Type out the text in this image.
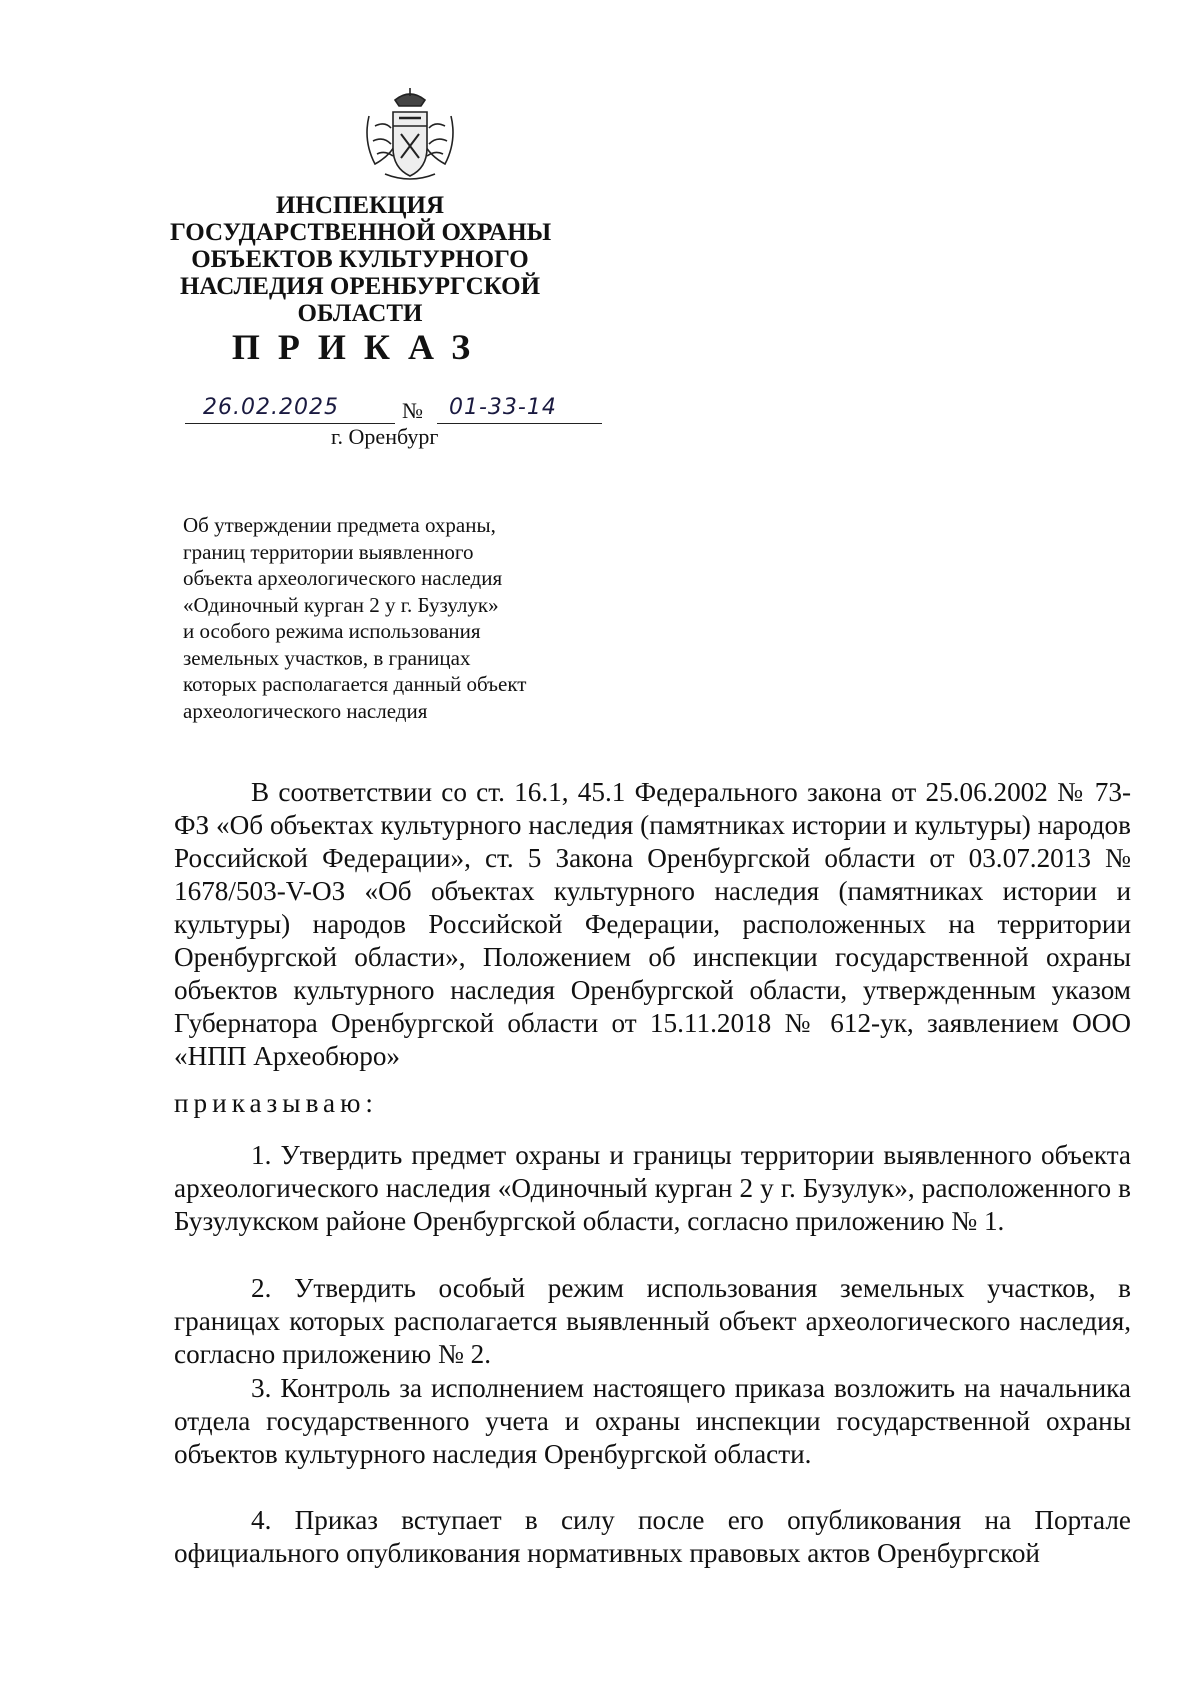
ИНСПЕКЦИЯ
ГОСУДАРСТВЕННОЙ ОХРАНЫ
ОБЪЕКТОВ КУЛЬТУРНОГО
НАСЛЕДИЯ ОРЕНБУРГСКОЙ
ОБЛАСТИ
ПРИКАЗ
26.02.2025	№ 01-33-14
г. Оренбург
Об утверждении предмета охраны,
границ территории выявленного
объекта археологического наследия
«Одиночный курган 2 у г. Бузулук»
и особого режима использования
земельных участков, в границах
которых располагается данный объект
археологического наследия
В соответствии со ст. 16.1, 45.1 Федерального закона от 25.06.2002 № 73-ФЗ «Об объектах культурного наследия (памятниках истории и культуры) народов Российской Федерации», ст. 5 Закона Оренбургской области от 03.07.2013 № 1678/503-V-ОЗ «Об объектах культурного наследия (памятниках истории и культуры) народов Российской Федерации, расположенных на территории Оренбургской области», Положением об инспекции государственной охраны объектов культурного наследия Оренбургской области, утвержденным указом Губернатора Оренбургской области от 15.11.2018 № 612-ук, заявлением ООО «НПП Археобюро»
приказываю:
1. Утвердить предмет охраны и границы территории выявленного объекта археологического наследия «Одиночный курган 2 у г. Бузулук», расположенного в Бузулукском районе Оренбургской области, согласно приложению № 1.
2. Утвердить особый режим использования земельных участков, в границах которых располагается выявленный объект археологического наследия, согласно приложению № 2.
3. Контроль за исполнением настоящего приказа возложить на начальника отдела государственного учета и охраны инспекции государственной охраны объектов культурного наследия Оренбургской области.
4. Приказ вступает в силу после его опубликования на Портале официального опубликования нормативных правовых актов Оренбургской
